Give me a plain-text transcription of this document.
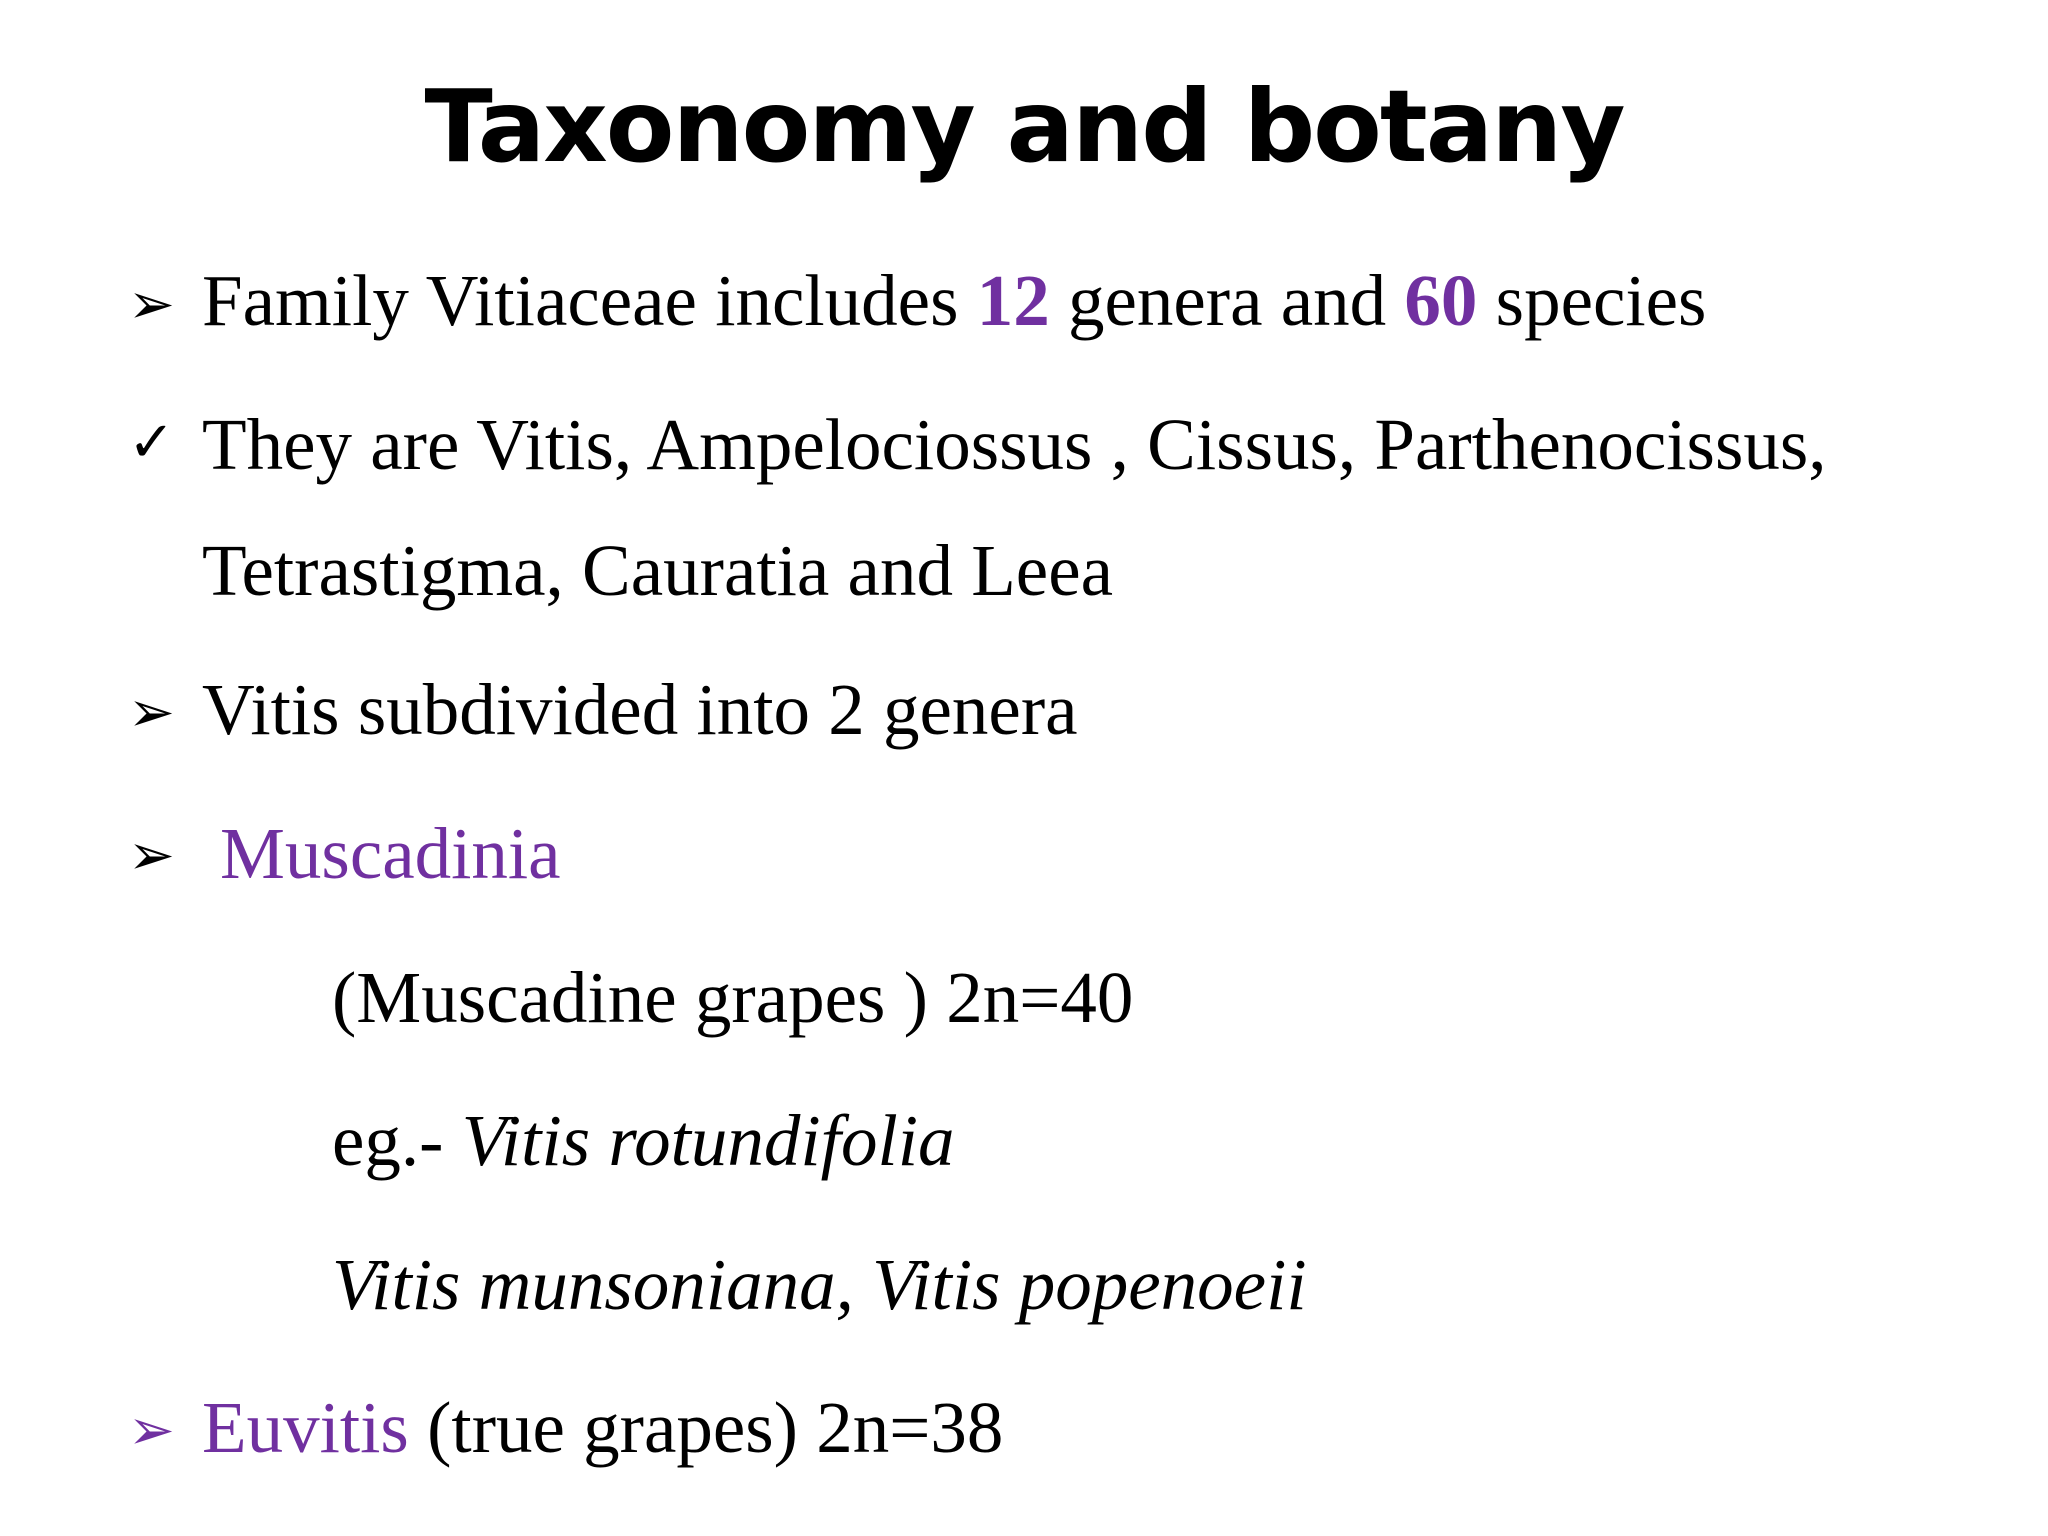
Taxonomy and botany
➢ Family Vitiaceae includes 12 genera and 60 species
✓ They are Vitis, Ampelociossus , Cissus, Parthenocissus,
Tetrastigma, Cauratia and Leea
➢ Vitis subdivided into 2 genera
➢ Muscadinia
(Muscadine grapes ) 2n=40
eg.- Vitis rotundifolia
Vitis munsoniana, Vitis popenoeii
➢ Euvitis (true grapes) 2n=38
